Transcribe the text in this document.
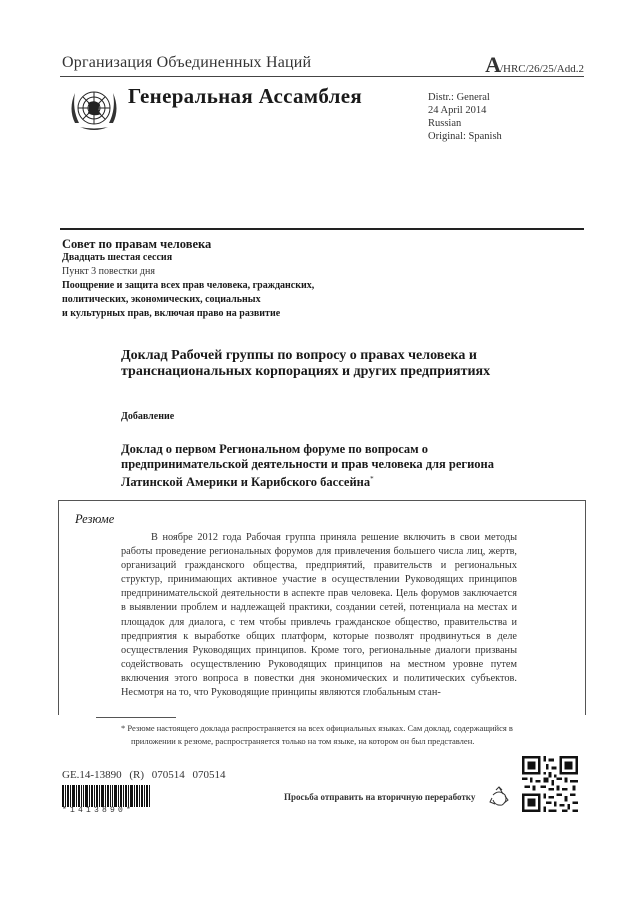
Организация Объединенных Наций	A/HRC/26/25/Add.2
Генеральная Ассамблея	Distr.: General
24 April 2014
Russian
Original: Spanish
Совет по правам человека
Двадцать шестая сессия
Пункт 3 повестки дня
Поощрение и защита всех прав человека, гражданских,
политических, экономических, социальных
и культурных прав, включая право на развитие
Доклад Рабочей группы по вопросу о правах человека и транснациональных корпорациях и других предприятиях
Добавление
Доклад о первом Региональном форуме по вопросам о предпринимательской деятельности и прав человека для региона Латинской Америки и Карибского бассейна*
Резюме
В ноябре 2012 года Рабочая группа приняла решение включить в свои методы работы проведение региональных форумов для привлечения большего числа лиц, жертв, организаций гражданского общества, предприятий, правительств и региональных структур, принимающих активное участие в осуществлении Руководящих принципов предпринимательской деятельности в аспекте прав человека. Цель форумов заключается в выявлении проблем и надлежащей практики, создании сетей, потенциала на местах и площадок для диалога, с тем чтобы привлечь гражданское общество, правительства и предприятия к выработке общих платформ, которые позволят продвинуться в деле осуществления Руководящих принципов. Кроме того, региональные диалоги призваны содействовать осуществлению Руководящих принципов на местном уровне путем включения этого вопроса в повестки дня экономических и политических субъектов. Несмотря на то, что Руководящие принципы являются глобальным стан-
* Резюме настоящего доклада распространяется на всех официальных языках. Сам доклад, содержащийся в приложении к резюме, распространяется только на том языке, на котором он был представлен.
GE.14-13890 (R) 070514 070514
*1413890*
Просьба отправить на вторичную переработку
